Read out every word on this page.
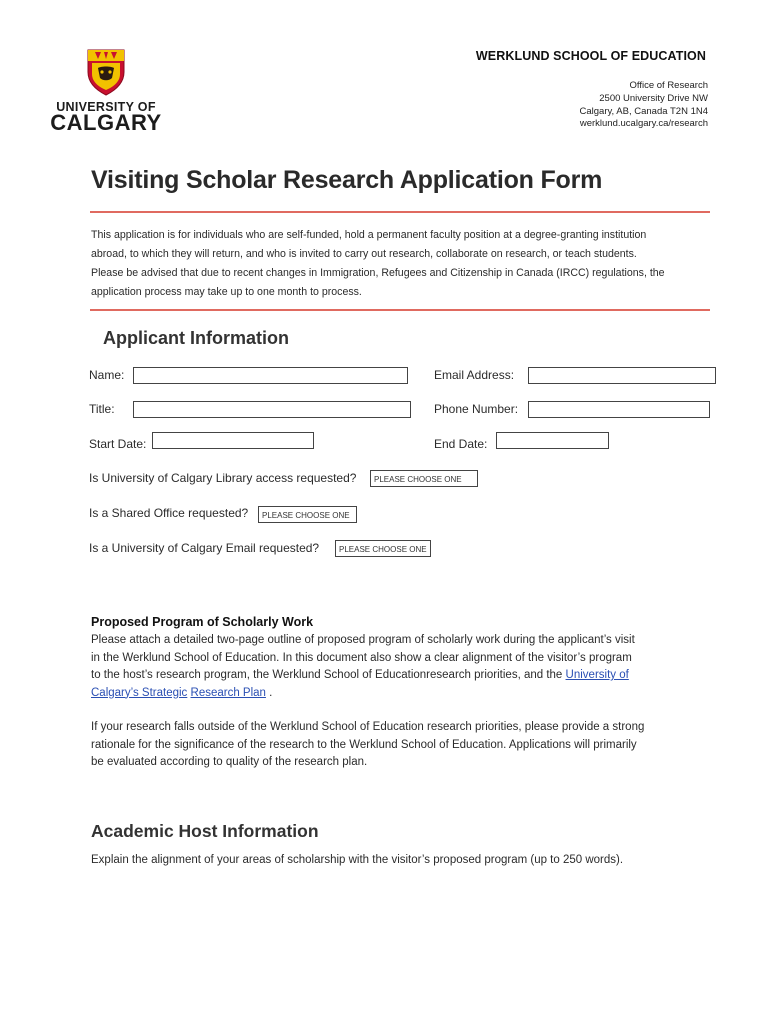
UNIVERSITY OF
CALGARY
WERKLUND SCHOOL OF EDUCATION
Office of Research
2500 University Drive NW
Calgary, AB, Canada T2N 1N4
werklund.ucalgary.ca/research
Visiting Scholar Research Application Form
This application is for individuals who are self-funded, hold a permanent faculty position at a degree-granting institution
abroad, to which they will return, and who is invited to carry out research, collaborate on research, or teach students.
Please be advised that due to recent changes in Immigration, Refugees and Citizenship in Canada (IRCC) regulations, the
application process may take up to one month to process.
Applicant Information
Name:	Email Address:
Title:	Phone Number:
Start Date:	End Date:
Is University of Calgary Library access requested?	PLEASE CHOOSE ONE
Is a Shared Office requested?	PLEASE CHOOSE ONE
Is a University of Calgary Email requested?	PLEASE CHOOSE ONE
Proposed Program of Scholarly Work
Please attach a detailed two-page outline of proposed program of scholarly work during the applicant’s visit
in the Werklund School of Education. In this document also show a clear alignment of the visitor’s program
to the host’s research program, the Werklund School of Educationresearch priorities, and the University of
Calgary’s Strategic Research Plan .
If your research falls outside of the Werklund School of Education research priorities, please provide a strong
rationale for the significance of the research to the Werklund School of Education. Applications will primarily
be evaluated according to quality of the research plan.
Academic Host Information
Explain the alignment of your areas of scholarship with the visitor’s proposed program (up to 250 words).
